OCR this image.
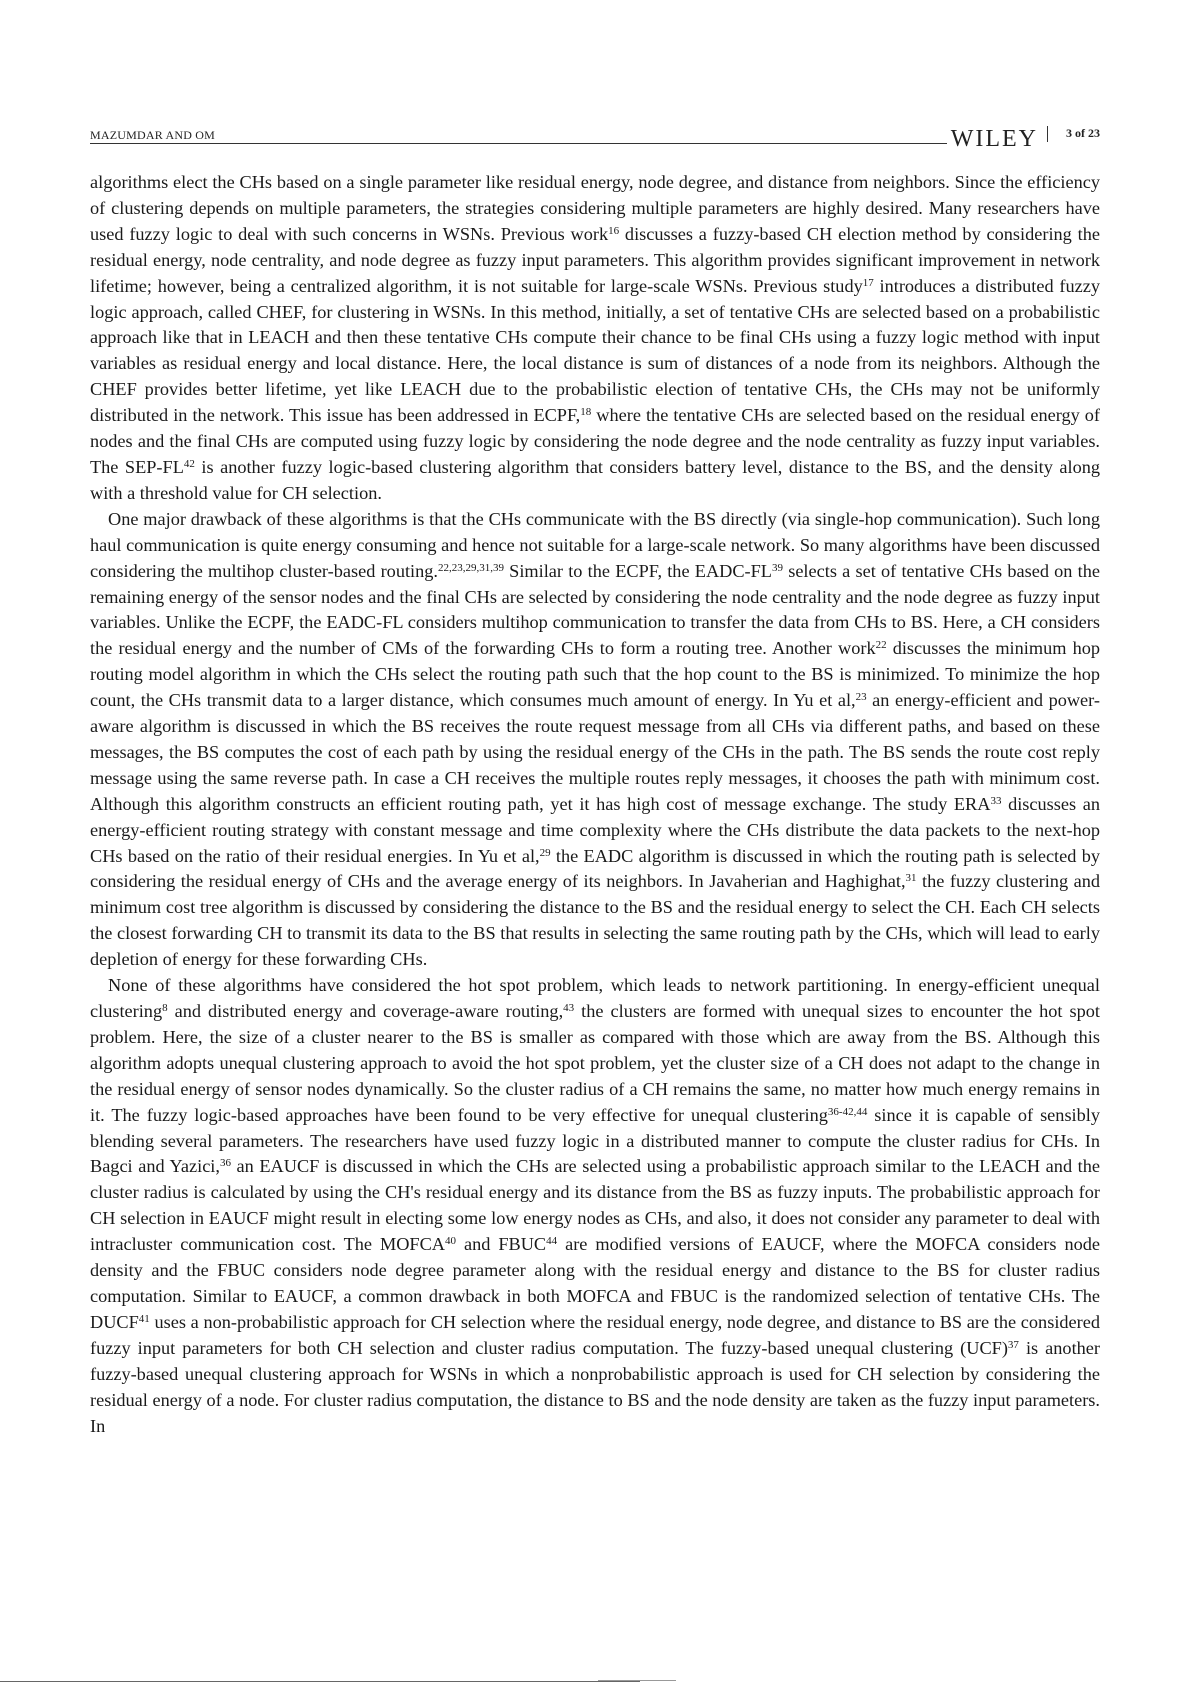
MAZUMDAR AND OM	WILEY 3 of 23

algorithms elect the CHs based on a single parameter like residual energy, node degree, and distance from neighbors. Since the efficiency of clustering depends on multiple parameters, the strategies considering multiple parameters are highly desired. Many researchers have used fuzzy logic to deal with such concerns in WSNs. Previous work$^{16}$ discusses a fuzzy-based CH election method by considering the residual energy, node centrality, and node degree as fuzzy input parameters. This algorithm provides significant improvement in network lifetime; however, being a centralized algorithm, it is not suitable for large-scale WSNs. Previous study$^{17}$ introduces a distributed fuzzy logic approach, called CHEF, for clustering in WSNs. In this method, initially, a set of tentative CHs are selected based on a probabilistic approach like that in LEACH and then these tentative CHs compute their chance to be final CHs using a fuzzy logic method with input variables as residual energy and local distance. Here, the local distance is sum of distances of a node from its neighbors. Although the CHEF provides better lifetime, yet like LEACH due to the probabilistic election of tentative CHs, the CHs may not be uniformly distributed in the network. This issue has been addressed in ECPF,$^{18}$ where the tentative CHs are selected based on the residual energy of nodes and the final CHs are computed using fuzzy logic by considering the node degree and the node centrality as fuzzy input variables. The SEP-FL$^{42}$ is another fuzzy logic-based clustering algorithm that considers battery level, distance to the BS, and the density along with a threshold value for CH selection.

One major drawback of these algorithms is that the CHs communicate with the BS directly (via single-hop communication). Such long haul communication is quite energy consuming and hence not suitable for a large-scale network. So many algorithms have been discussed considering the multihop cluster-based routing.$^{22,23,29,31,39}$ Similar to the ECPF, the EADC-FL$^{39}$ selects a set of tentative CHs based on the remaining energy of the sensor nodes and the final CHs are selected by considering the node centrality and the node degree as fuzzy input variables. Unlike the ECPF, the EADC-FL considers multihop communication to transfer the data from CHs to BS. Here, a CH considers the residual energy and the number of CMs of the forwarding CHs to form a routing tree. Another work$^{22}$ discusses the minimum hop routing model algorithm in which the CHs select the routing path such that the hop count to the BS is minimized. To minimize the hop count, the CHs transmit data to a larger distance, which consumes much amount of energy. In Yu et al,$^{23}$ an energy-efficient and power-aware algorithm is discussed in which the BS receives the route request message from all CHs via different paths, and based on these messages, the BS computes the cost of each path by using the residual energy of the CHs in the path. The BS sends the route cost reply message using the same reverse path. In case a CH receives the multiple routes reply messages, it chooses the path with minimum cost. Although this algorithm constructs an efficient routing path, yet it has high cost of message exchange. The study ERA$^{33}$ discusses an energy-efficient routing strategy with constant message and time complexity where the CHs distribute the data packets to the next-hop CHs based on the ratio of their residual energies. In Yu et al,$^{29}$ the EADC algorithm is discussed in which the routing path is selected by considering the residual energy of CHs and the average energy of its neighbors. In Javaherian and Haghighat,$^{31}$ the fuzzy clustering and minimum cost tree algorithm is discussed by considering the distance to the BS and the residual energy to select the CH. Each CH selects the closest forwarding CH to transmit its data to the BS that results in selecting the same routing path by the CHs, which will lead to early depletion of energy for these forwarding CHs.

None of these algorithms have considered the hot spot problem, which leads to network partitioning. In energy-efficient unequal clustering$^8$ and distributed energy and coverage-aware routing,$^{43}$ the clusters are formed with unequal sizes to encounter the hot spot problem. Here, the size of a cluster nearer to the BS is smaller as compared with those which are away from the BS. Although this algorithm adopts unequal clustering approach to avoid the hot spot problem, yet the cluster size of a CH does not adapt to the change in the residual energy of sensor nodes dynamically. So the cluster radius of a CH remains the same, no matter how much energy remains in it. The fuzzy logic-based approaches have been found to be very effective for unequal clustering$^{36-42,44}$ since it is capable of sensibly blending several parameters. The researchers have used fuzzy logic in a distributed manner to compute the cluster radius for CHs. In Bagci and Yazici,$^{36}$ an EAUCF is discussed in which the CHs are selected using a probabilistic approach similar to the LEACH and the cluster radius is calculated by using the CH's residual energy and its distance from the BS as fuzzy inputs. The probabilistic approach for CH selection in EAUCF might result in electing some low energy nodes as CHs, and also, it does not consider any parameter to deal with intracluster communication cost. The MOFCA$^{40}$ and FBUC$^{44}$ are modified versions of EAUCF, where the MOFCA considers node density and the FBUC considers node degree parameter along with the residual energy and distance to the BS for cluster radius computation. Similar to EAUCF, a common drawback in both MOFCA and FBUC is the randomized selection of tentative CHs. The DUCF$^{41}$ uses a non-probabilistic approach for CH selection where the residual energy, node degree, and distance to BS are the considered fuzzy input parameters for both CH selection and cluster radius computation. The fuzzy-based unequal clustering (UCF)$^{37}$ is another fuzzy-based unequal clustering approach for WSNs in which a nonprobabilistic approach is used for CH selection by considering the residual energy of a node. For cluster radius computation, the distance to BS and the node density are taken as the fuzzy input parameters. In
